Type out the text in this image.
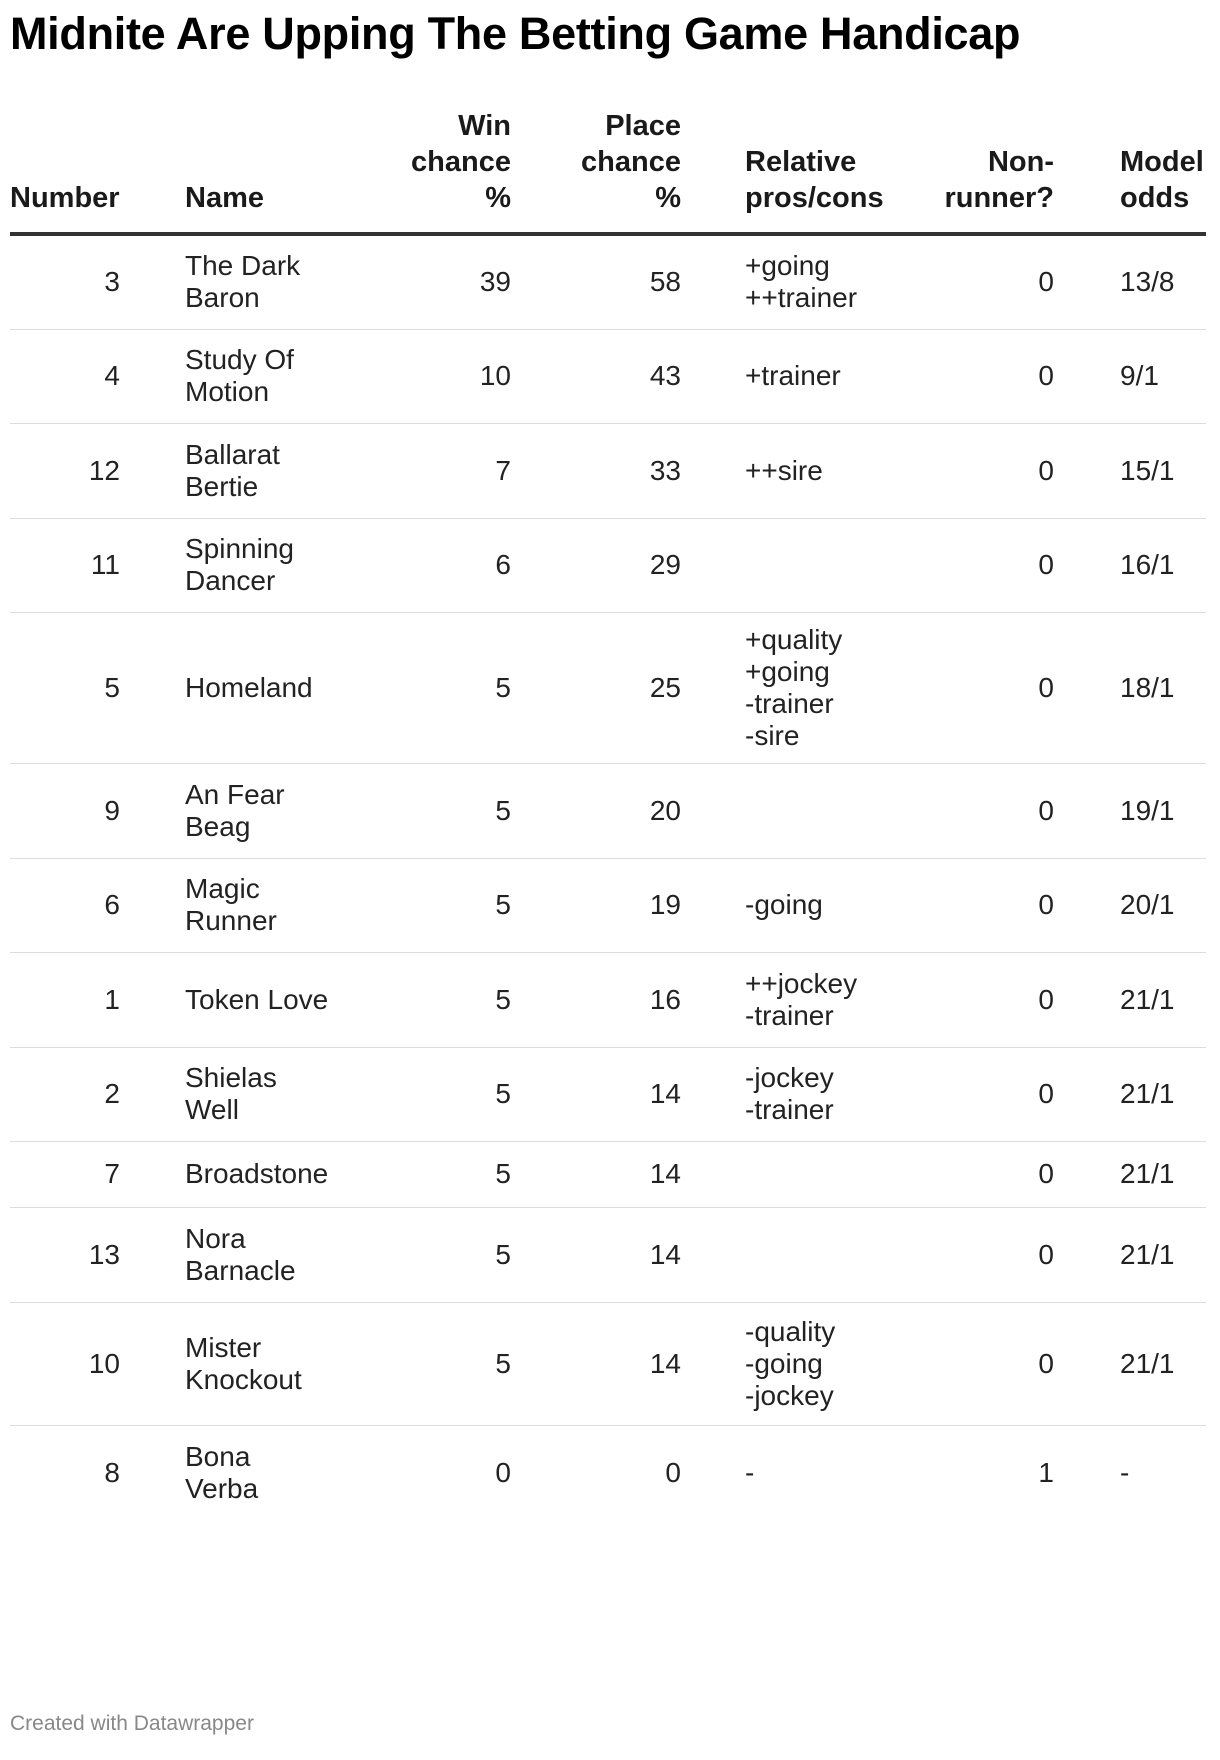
Midnite Are Upping The Betting Game Handicap
Number		Name	Win
chance
%	Place
chance
%		Relative
pros/cons	Non-
runner?		Model
odds
3		The Dark
Baron	39	58		+going
++trainer	0		13/8
4		Study Of
Motion	10	43		+trainer	0		9/1
12		Ballarat
Bertie	7	33		++sire	0		15/1
11		Spinning
Dancer	6	29			0		16/1
5		Homeland	5	25		+quality
+going
-trainer
-sire	0		18/1
9		An Fear
Beag	5	20			0		19/1
6		Magic
Runner	5	19		-going	0		20/1
1		Token Love	5	16		++jockey
-trainer	0		21/1
2		Shielas
Well	5	14		-jockey
-trainer	0		21/1
7		Broadstone	5	14			0		21/1
13		Nora
Barnacle	5	14			0		21/1
10		Mister
Knockout	5	14		-quality
-going
-jockey	0		21/1
8		Bona
Verba	0	0		-	1		-
Created with Datawrapper
